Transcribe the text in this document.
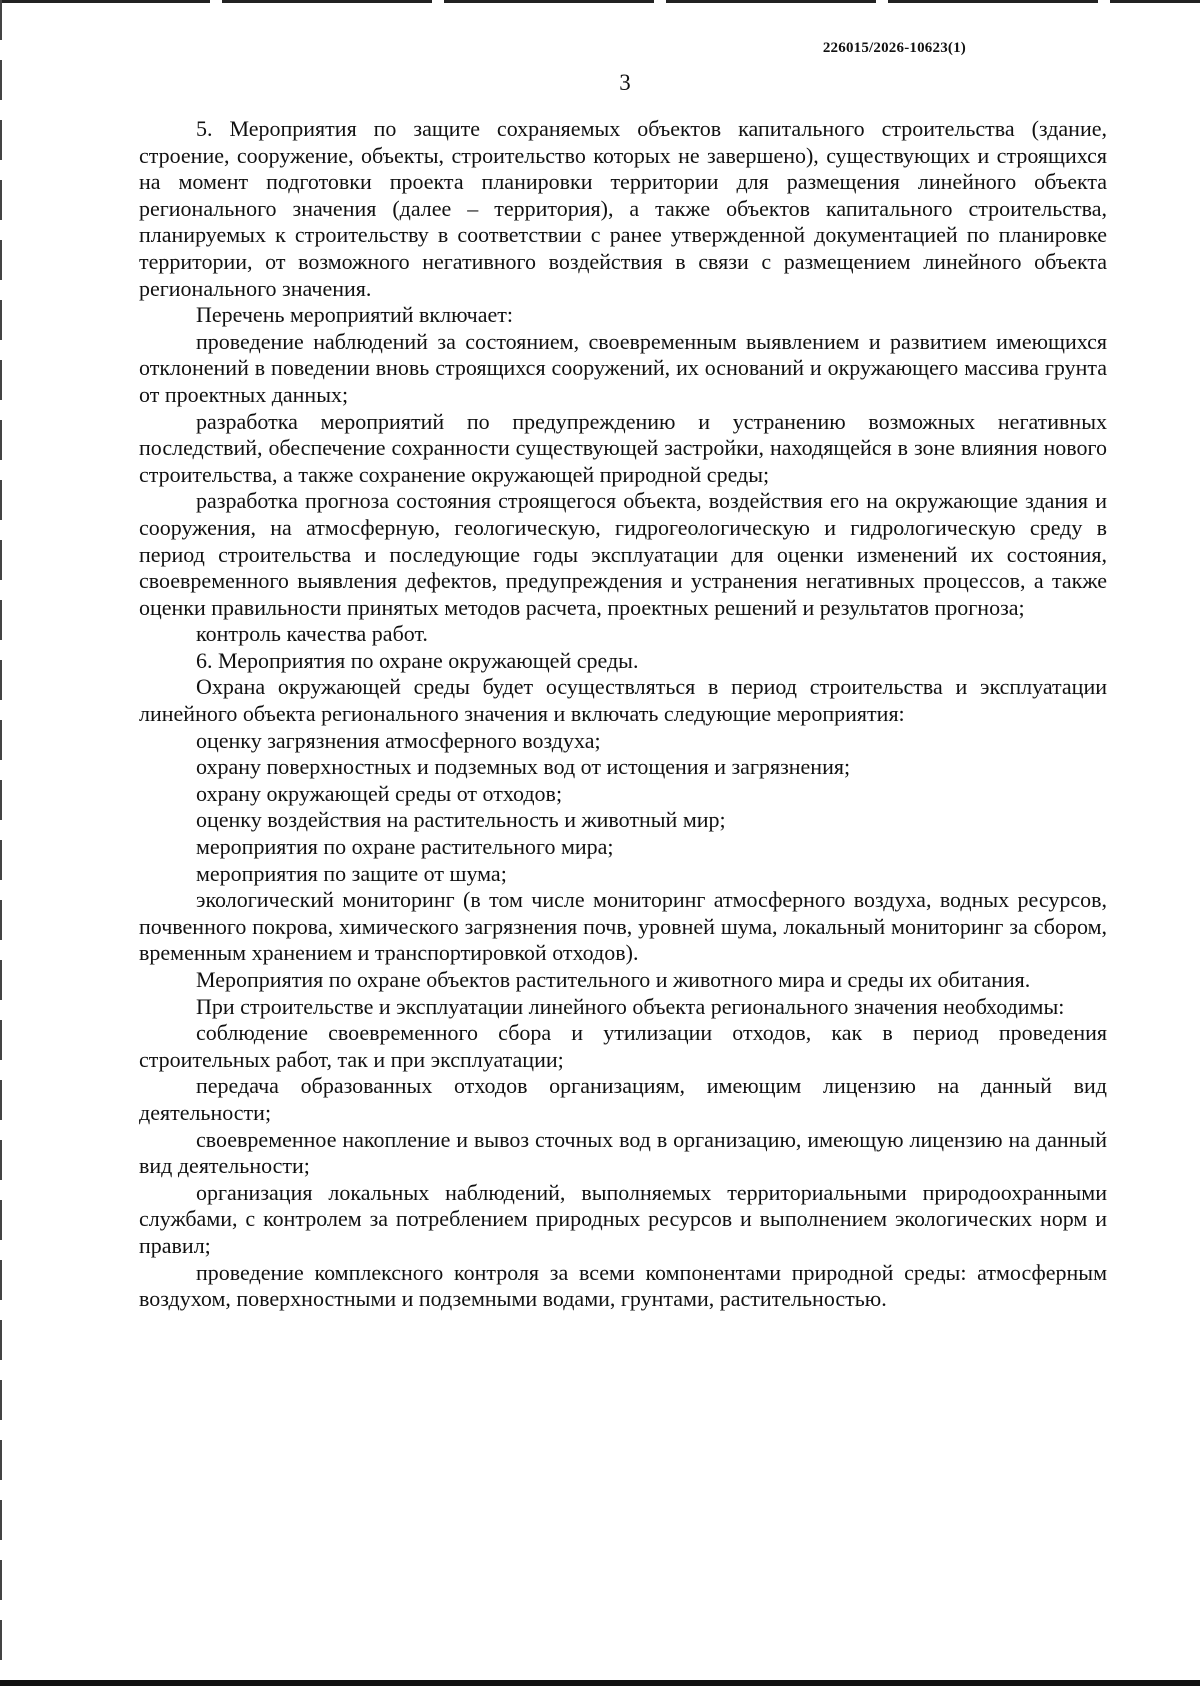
226015/2026-10623(1)
3

5. Мероприятия по защите сохраняемых объектов капитального строительства (здание, строение, сооружение, объекты, строительство которых не завершено), существующих и строящихся на момент подготовки проекта планировки территории для размещения линейного объекта регионального значения (далее – территория), а также объектов капитального строительства, планируемых к строительству в соответствии с ранее утвержденной документацией по планировке территории, от возможного негативного воздействия в связи с размещением линейного объекта регионального значения.

Перечень мероприятий включает:

проведение наблюдений за состоянием, своевременным выявлением и развитием имеющихся отклонений в поведении вновь строящихся сооружений, их оснований и окружающего массива грунта от проектных данных;

разработка мероприятий по предупреждению и устранению возможных негативных последствий, обеспечение сохранности существующей застройки, находящейся в зоне влияния нового строительства, а также сохранение окружающей природной среды;

разработка прогноза состояния строящегося объекта, воздействия его на окружающие здания и сооружения, на атмосферную, геологическую, гидрогеологическую и гидрологическую среду в период строительства и последующие годы эксплуатации для оценки изменений их состояния, своевременного выявления дефектов, предупреждения и устранения негативных процессов, а также оценки правильности принятых методов расчета, проектных решений и результатов прогноза;

контроль качества работ.

6. Мероприятия по охране окружающей среды.

Охрана окружающей среды будет осуществляться в период строительства и эксплуатации линейного объекта регионального значения и включать следующие мероприятия:

оценку загрязнения атмосферного воздуха;

охрану поверхностных и подземных вод от истощения и загрязнения;

охрану окружающей среды от отходов;

оценку воздействия на растительность и животный мир;

мероприятия по охране растительного мира;

мероприятия по защите от шума;

экологический мониторинг (в том числе мониторинг атмосферного воздуха, водных ресурсов, почвенного покрова, химического загрязнения почв, уровней шума, локальный мониторинг за сбором, временным хранением и транспортировкой отходов).

Мероприятия по охране объектов растительного и животного мира и среды их обитания.

При строительстве и эксплуатации линейного объекта регионального значения необходимы:

соблюдение своевременного сбора и утилизации отходов, как в период проведения строительных работ, так и при эксплуатации;

передача образованных отходов организациям, имеющим лицензию на данный вид деятельности;

своевременное накопление и вывоз сточных вод в организацию, имеющую лицензию на данный вид деятельности;

организация локальных наблюдений, выполняемых территориальными природоохранными службами, с контролем за потреблением природных ресурсов и выполнением экологических норм и правил;

проведение комплексного контроля за всеми компонентами природной среды: атмосферным воздухом, поверхностными и подземными водами, грунтами, растительностью.
